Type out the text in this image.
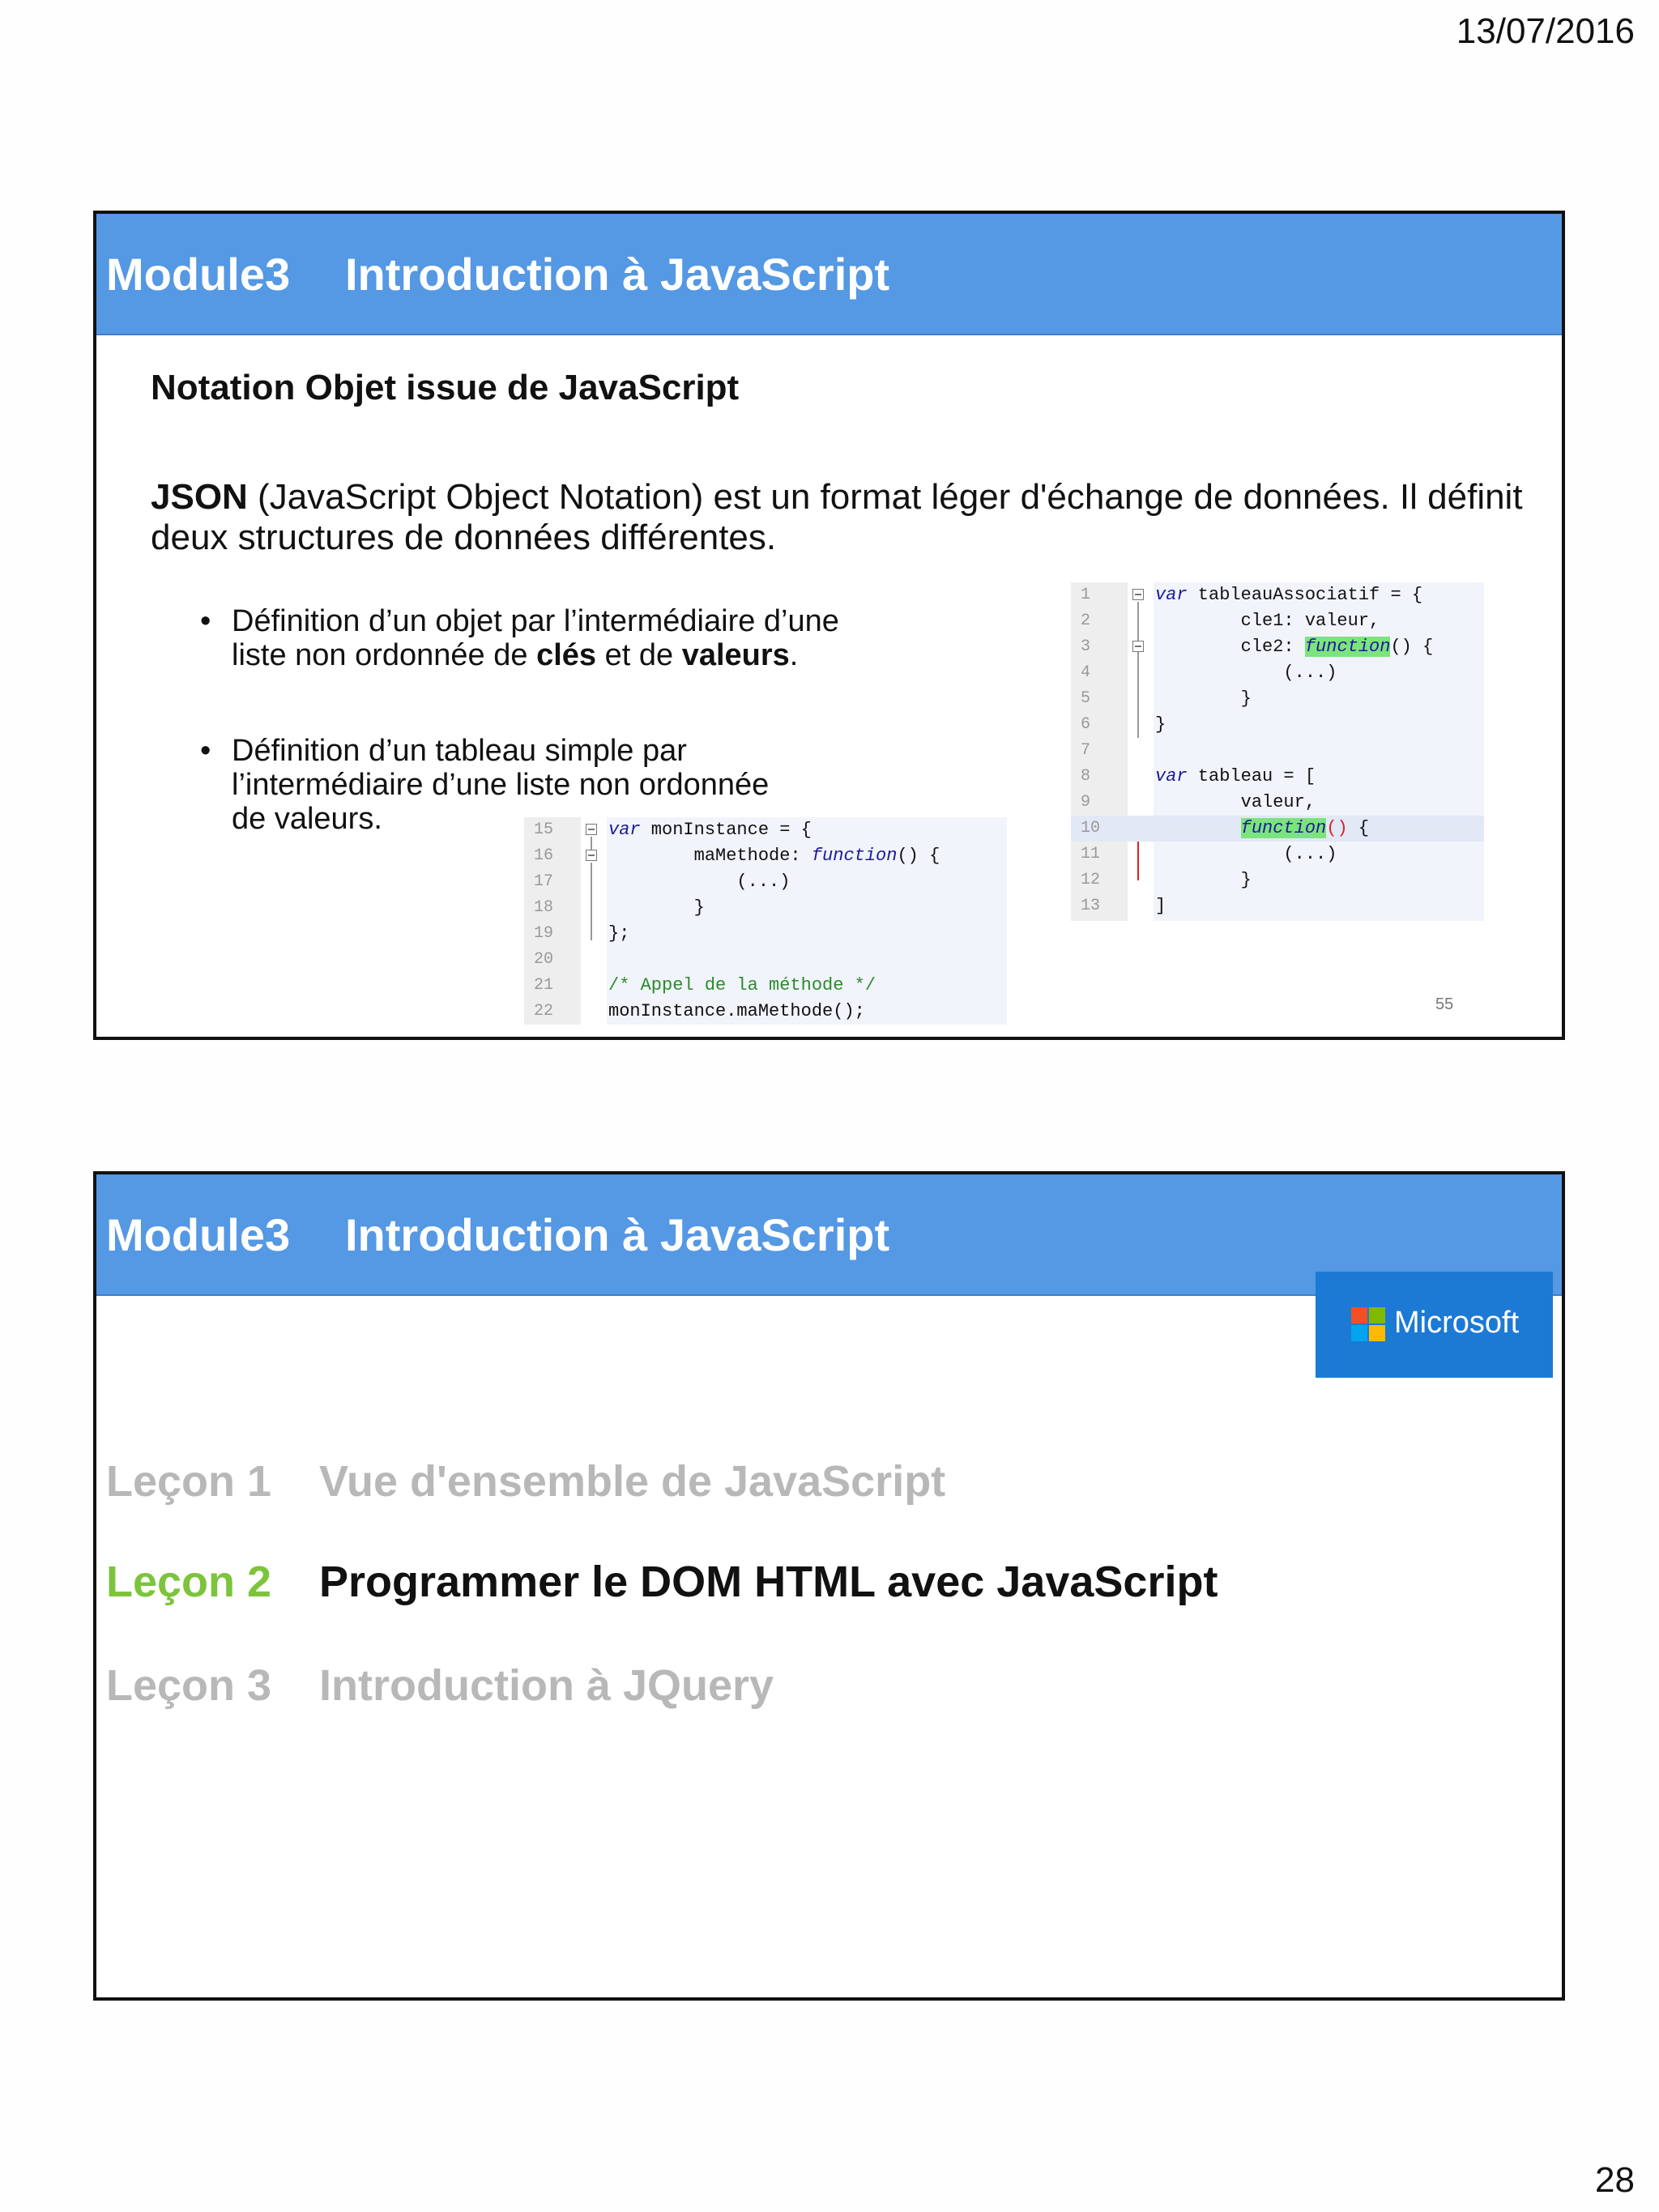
13/07/2016
Module3 Introduction à JavaScript
Notation Objet issue de JavaScript
JSON (JavaScript Object Notation) est un format léger d'échange de données. Il définit deux structures de données différentes.
• Définition d’un objet par l’intermédiaire d’une liste non ordonnée de clés et de valeurs.
• Définition d’un tableau simple par l’intermédiaire d’une liste non ordonnée de valeurs.
1	var tableauAssociatif = {
2	cle1: valeur,
3	cle2: function() {
4	(...)
5	}
6	}
7
8	var tableau = [
9	valeur,
10	function() {
11	(...)
12	}
13	]
15	var monInstance = {
16	maMethode: function() {
17	(...)
18	}
19	};
20
21	/* Appel de la méthode */
22	monInstance.maMethode();	55
Module3 Introduction à JavaScript
Microsoft
Leçon 1 Vue d'ensemble de JavaScript
Leçon 2 Programmer le DOM HTML avec JavaScript
Leçon 3 Introduction à JQuery
28
